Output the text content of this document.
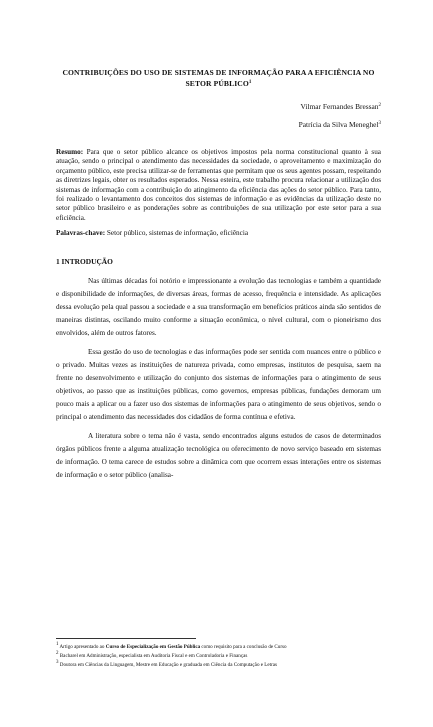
CONTRIBUIÇÕES DO USO DE SISTEMAS DE INFORMAÇÃO PARA A EFICIÊNCIA NO SETOR PÚBLICO$^1$
Vilmar Fernandes Bressan$^2$
Patrícia da Silva Meneghel$^3$
Resumo: Para que o setor público alcance os objetivos impostos pela norma constitucional quanto à sua atuação, sendo o principal o atendimento das necessidades da sociedade, o aproveitamento e maximização do orçamento público, este precisa utilizar-se de ferramentas que permitam que os seus agentes possam, respeitando as diretrizes legais, obter os resultados esperados. Nessa esteira, este trabalho procura relacionar a utilização dos sistemas de informação com a contribuição do atingimento da eficiência das ações do setor público. Para tanto, foi realizado o levantamento dos conceitos dos sistemas de informação e as evidências da utilização deste no setor público brasileiro e as ponderações sobre as contribuições de sua utilização por este setor para a sua eficiência.
Palavras-chave: Setor público, sistemas de informação, eficiência
1 INTRODUÇÃO

Nas últimas décadas foi notório e impressionante a evolução das tecnologias e também a quantidade e disponibilidade de informações, de diversas áreas, formas de acesso, frequência e intensidade. As aplicações dessa evolução pela qual passou a sociedade e a sua transformação em benefícios práticos ainda são sentidos de maneiras distintas, oscilando muito conforme a situação econômica, o nível cultural, com o pioneirismo dos envolvidos, além de outros fatores.

Essa gestão do uso de tecnologias e das informações pode ser sentida com nuances entre o público e o privado. Muitas vezes as instituições de natureza privada, como empresas, institutos de pesquisa, saem na frente no desenvolvimento e utilização do conjunto dos sistemas de informações para o atingimento de seus objetivos, ao passo que as instituições públicas, como governos, empresas públicas, fundações demoram um pouco mais a aplicar ou a fazer uso dos sistemas de informações para o atingimento de seus objetivos, sendo o principal o atendimento das necessidades dos cidadãos de forma contínua e efetiva.

A literatura sobre o tema não é vasta, sendo encontrados alguns estudos de casos de determinados órgãos públicos frente a alguma atualização tecnológica ou oferecimento de novo serviço baseado em sistemas de informação. O tema carece de estudos sobre a dinâmica com que ocorrem essas interações entre os sistemas de informação e o setor público (analisa-

$^1$ Artigo apresentado ao Curso de Especialização em Gestão Pública como requisito para a conclusão de Curso
$^2$ Bacharel em Administração, especialista em Auditoria Fiscal e em Controladoria e Finanças
$^3$ Doutora em Ciências da Linguagem, Mestre em Educação e graduada em Ciência da Computação e Letras
